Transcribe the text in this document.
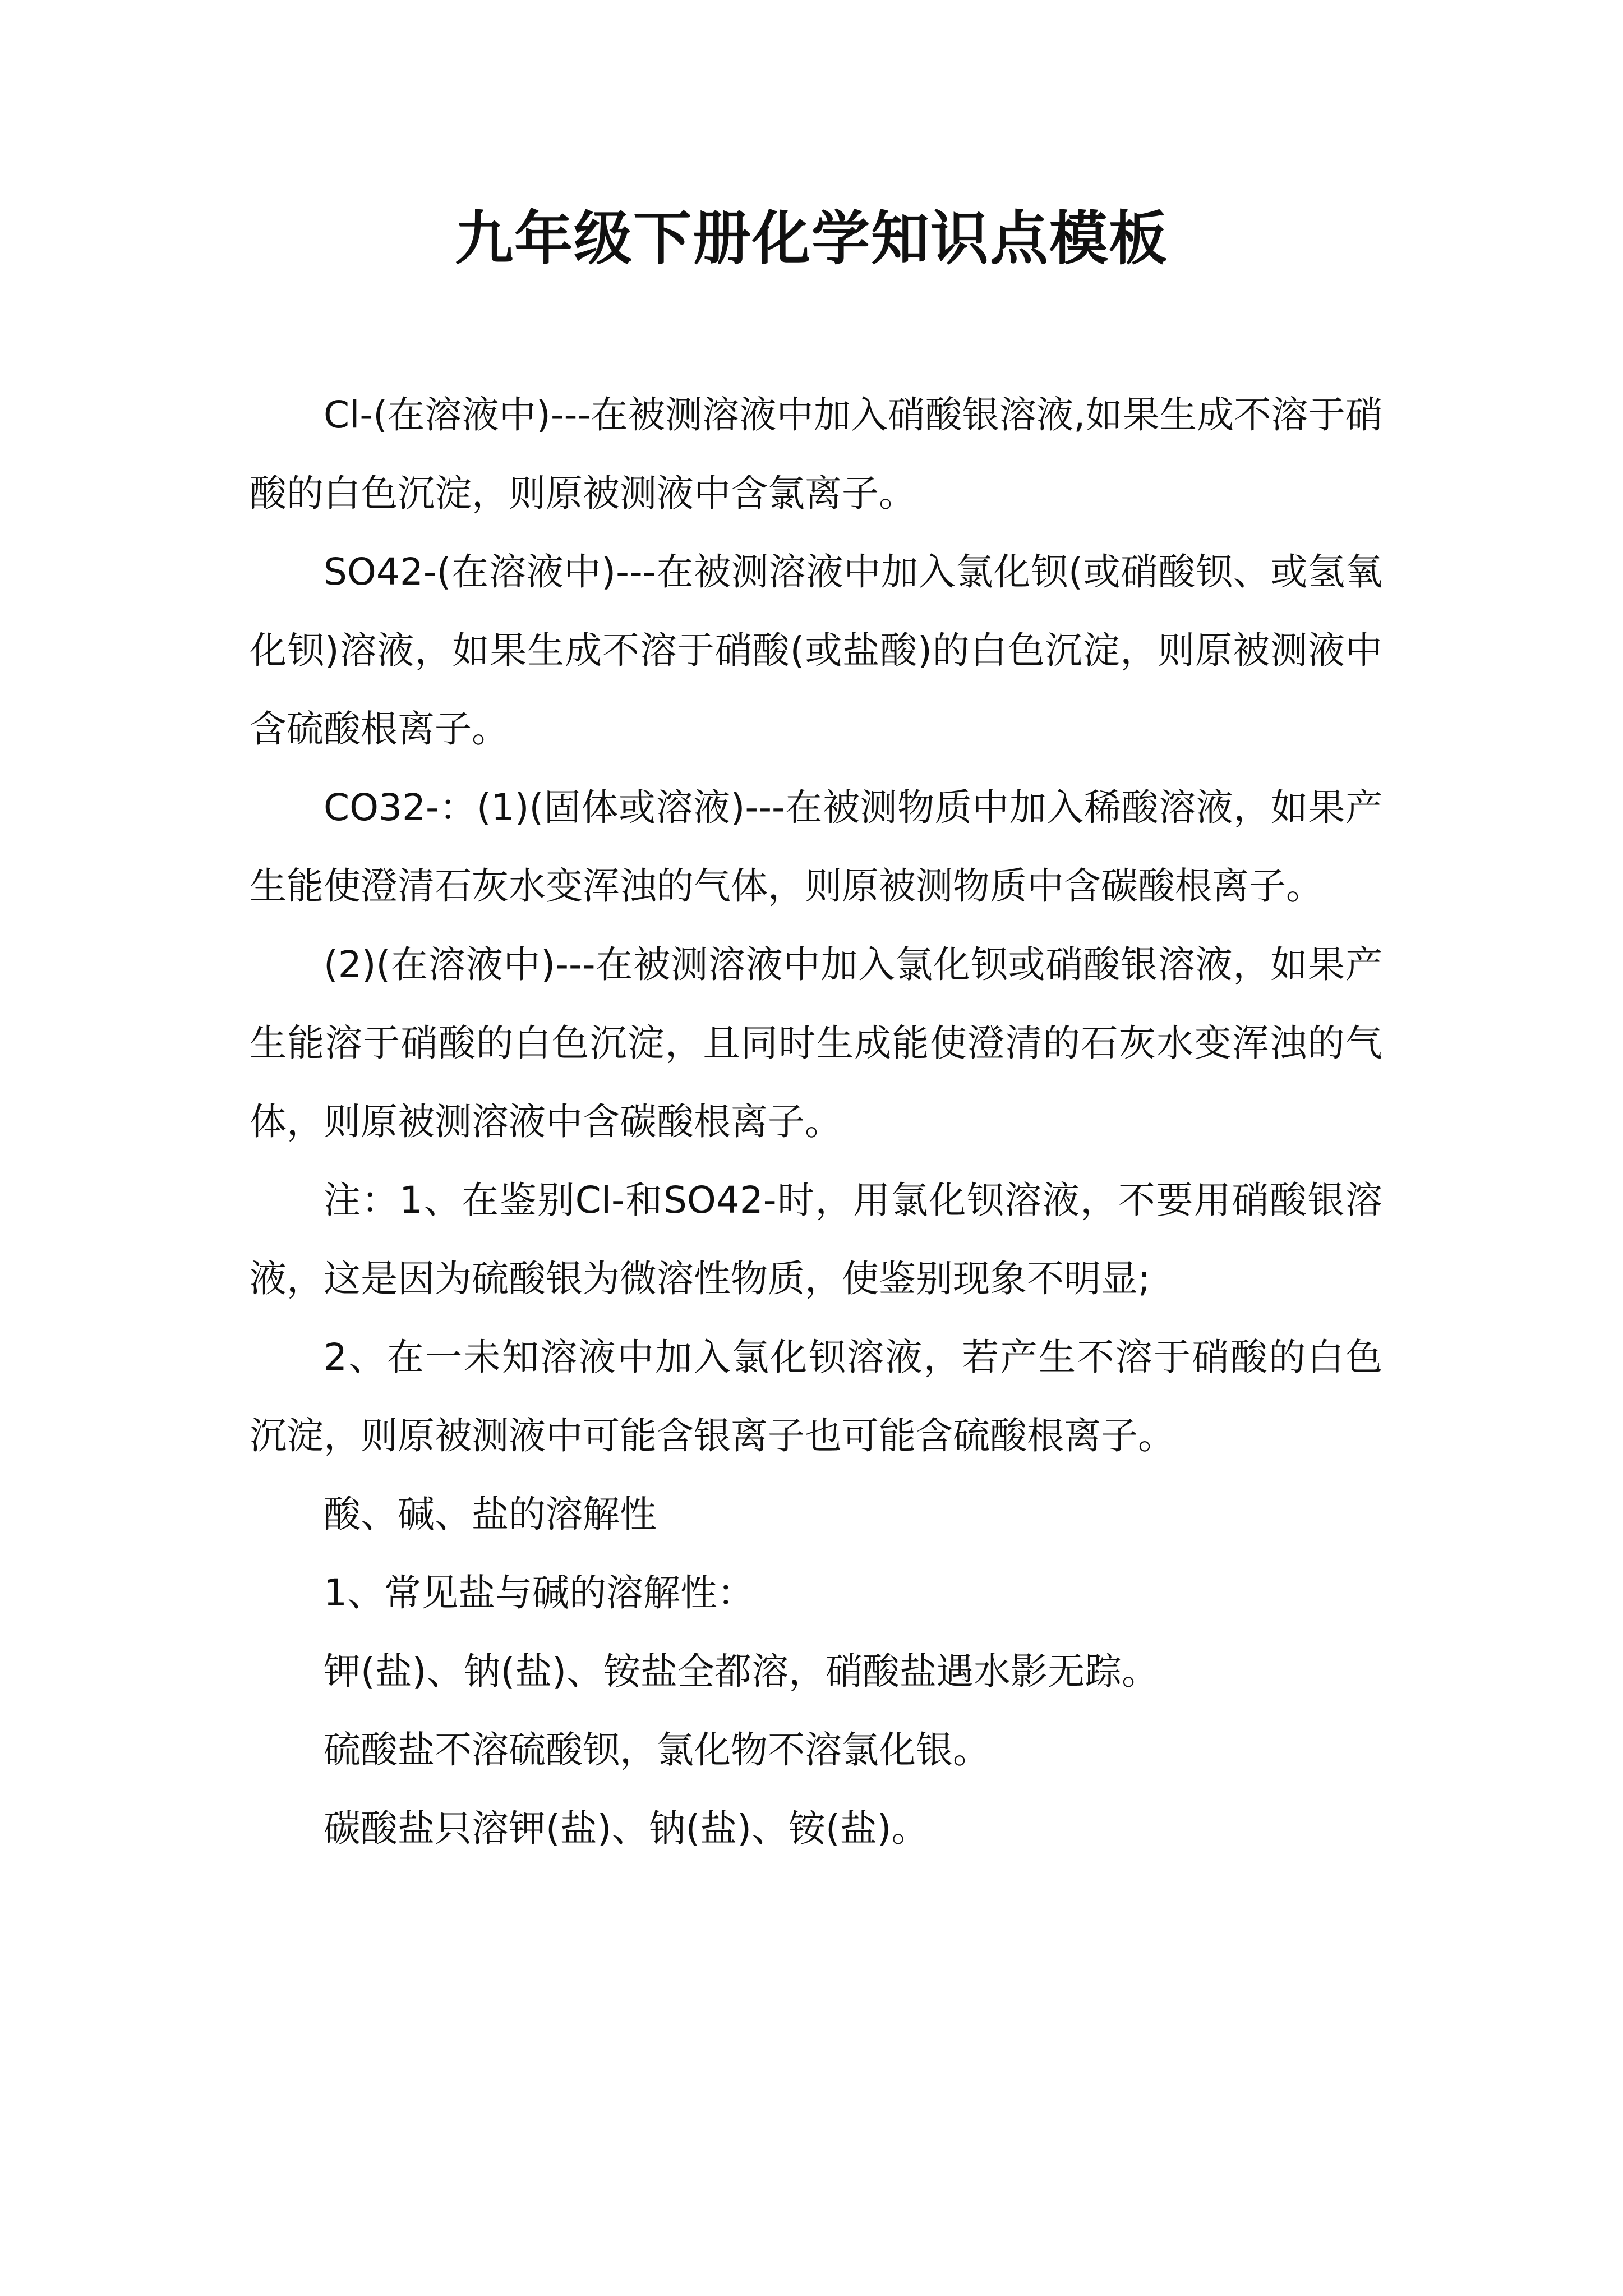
九年级下册化学知识点模板

Cl-(在溶液中)---在被测溶液中加入硝酸银溶液,如果生成不溶于硝酸的白色沉淀，则原被测液中含氯离子。

SO42-(在溶液中)---在被测溶液中加入氯化钡(或硝酸钡、或氢氧化钡)溶液，如果生成不溶于硝酸(或盐酸)的白色沉淀，则原被测液中含硫酸根离子。

CO32-：(1)(固体或溶液)---在被测物质中加入稀酸溶液，如果产生能使澄清石灰水变浑浊的气体，则原被测物质中含碳酸根离子。

(2)(在溶液中)---在被测溶液中加入氯化钡或硝酸银溶液，如果产生能溶于硝酸的白色沉淀，且同时生成能使澄清的石灰水变浑浊的气体，则原被测溶液中含碳酸根离子。

注：1、在鉴别Cl-和SO42-时，用氯化钡溶液，不要用硝酸银溶液，这是因为硫酸银为微溶性物质，使鉴别现象不明显;

2、在一未知溶液中加入氯化钡溶液，若产生不溶于硝酸的白色沉淀，则原被测液中可能含银离子也可能含硫酸根离子。

酸、碱、盐的溶解性

1、常见盐与碱的溶解性：

钾(盐)、钠(盐)、铵盐全都溶，硝酸盐遇水影无踪。

硫酸盐不溶硫酸钡，氯化物不溶氯化银。

碳酸盐只溶钾(盐)、钠(盐)、铵(盐)。
